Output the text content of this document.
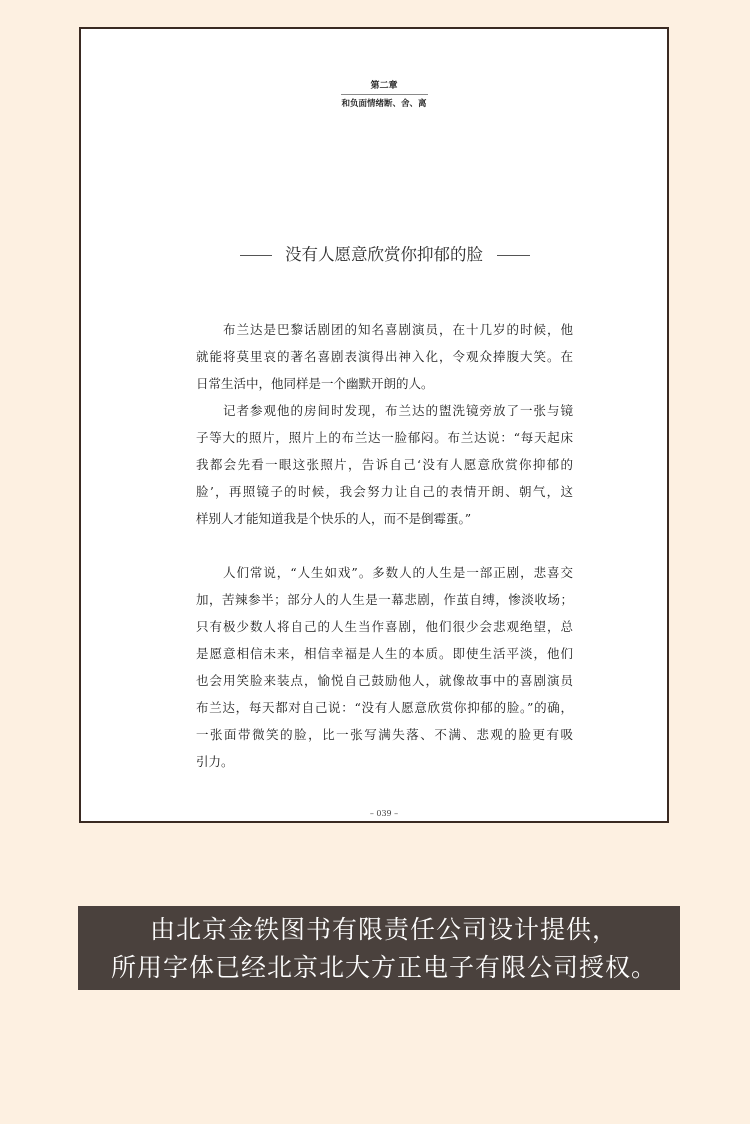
第二章
和负面情绪断、舍、离
没有人愿意欣赏你抑郁的脸
布兰达是巴黎话剧团的知名喜剧演员，在十几岁的时候，他
就能将莫里哀的著名喜剧表演得出神入化，令观众捧腹大笑。在
日常生活中，他同样是一个幽默开朗的人。
记者参观他的房间时发现，布兰达的盥洗镜旁放了一张与镜
子等大的照片，照片上的布兰达一脸郁闷。布兰达说：“每天起床
我都会先看一眼这张照片，告诉自己‘没有人愿意欣赏你抑郁的
脸’，再照镜子的时候，我会努力让自己的表情开朗、朝气，这
样别人才能知道我是个快乐的人，而不是倒霉蛋。”
人们常说，“人生如戏”。多数人的人生是一部正剧，悲喜交
加，苦辣参半；部分人的人生是一幕悲剧，作茧自缚，惨淡收场；
只有极少数人将自己的人生当作喜剧，他们很少会悲观绝望，总
是愿意相信未来，相信幸福是人生的本质。即使生活平淡，他们
也会用笑脸来装点，愉悦自己鼓励他人，就像故事中的喜剧演员
布兰达，每天都对自己说：“没有人愿意欣赏你抑郁的脸。”的确，
一张面带微笑的脸，比一张写满失落、不满、悲观的脸更有吸
引力。
– 039 –
由北京金铁图书有限责任公司设计提供，
所用字体已经北京北大方正电子有限公司授权。
